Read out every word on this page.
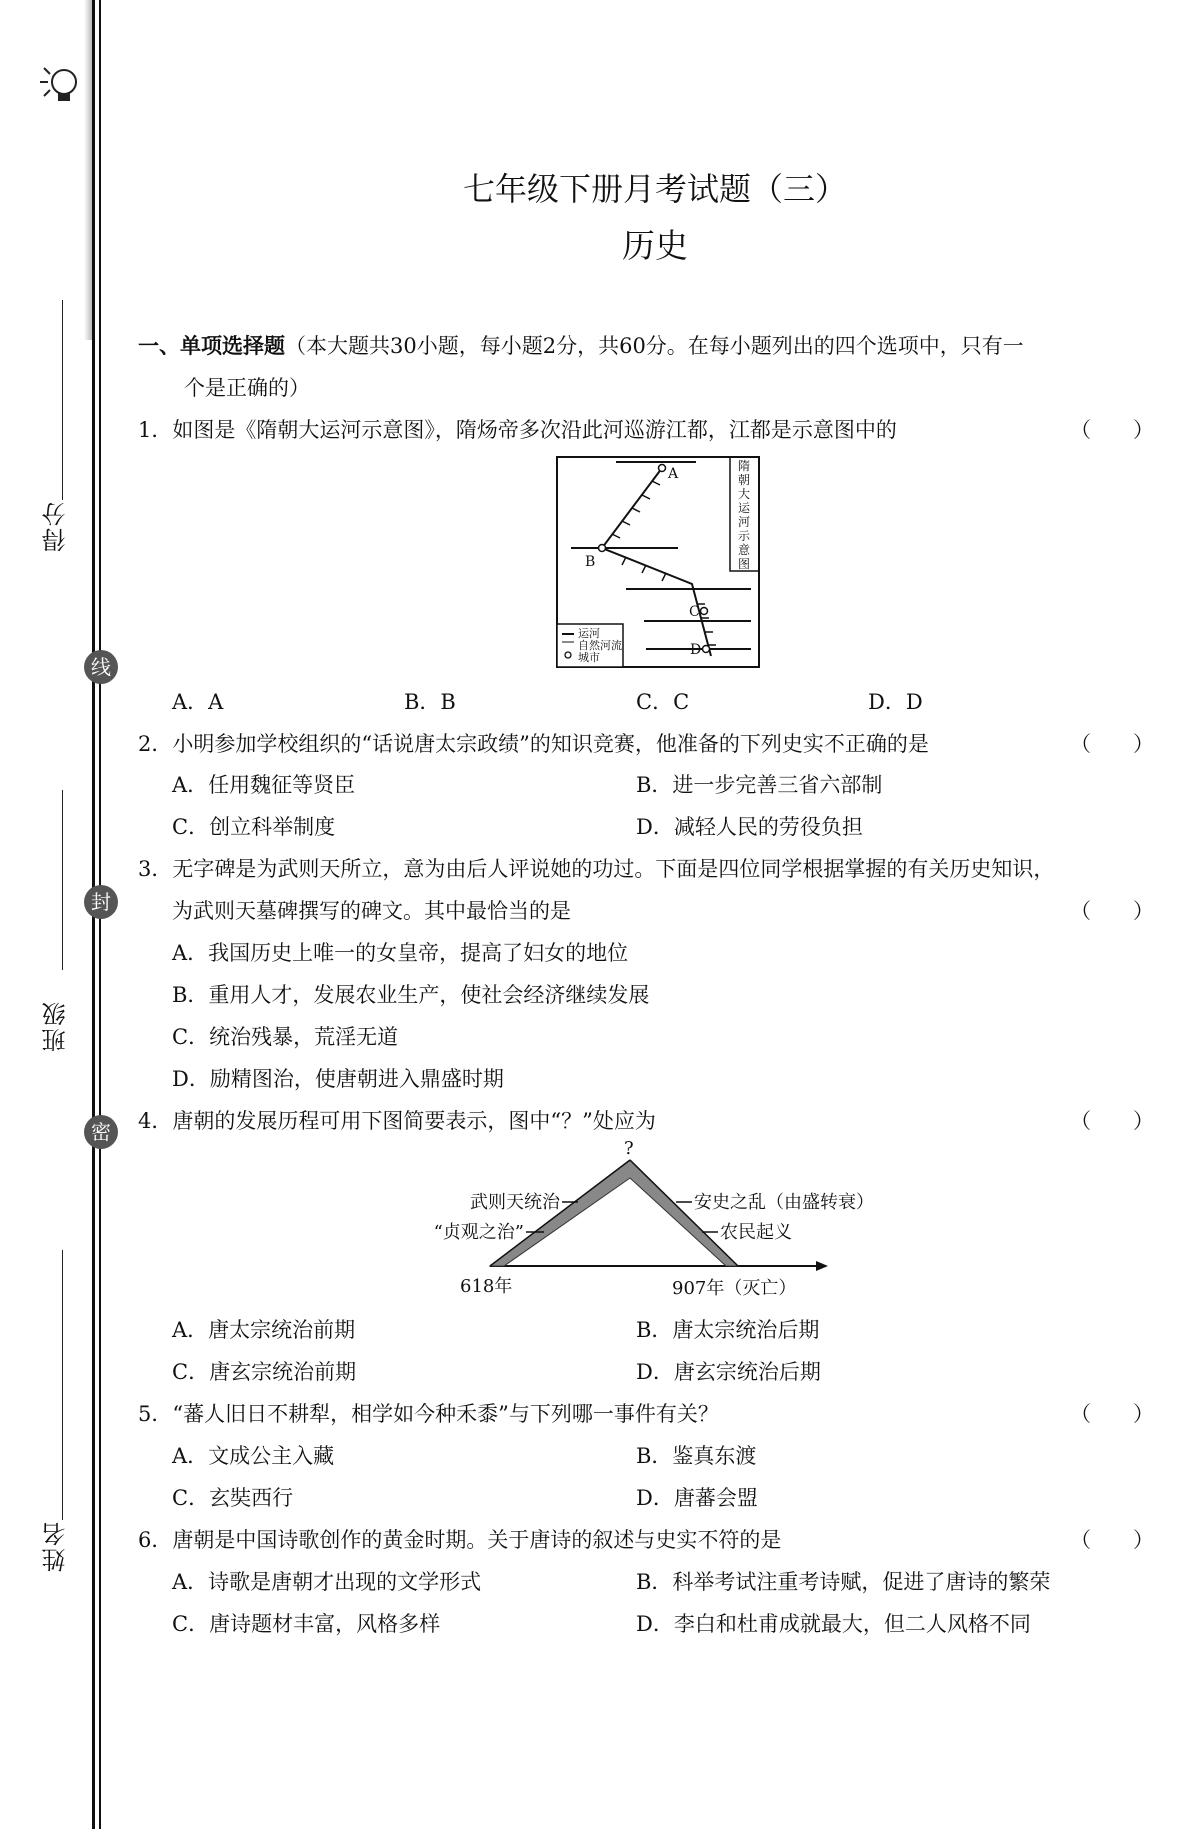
得分
线
封
班级
密
姓名
七年级下册月考试题（三）
历史
一、单项选择题（本大题共30小题，每小题2分，共60分。在每小题列出的四个选项中，只有一
个是正确的）
1．如图是《隋朝大运河示意图》，隋炀帝多次沿此河巡游江都，江都是示意图中的	（　　）
A
B
C
D
运河
自然河流
城市
隋
朝
大
运
河
示
意
图
A．A	B．B	C．C	D．D
2．小明参加学校组织的“话说唐太宗政绩”的知识竞赛，他准备的下列史实不正确的是	（　　）
A．任用魏征等贤臣	B．进一步完善三省六部制
C．创立科举制度	D．减轻人民的劳役负担
3．无字碑是为武则天所立，意为由后人评说她的功过。下面是四位同学根据掌握的有关历史知识，
为武则天墓碑撰写的碑文。其中最恰当的是	（　　）
A．我国历史上唯一的女皇帝，提高了妇女的地位
B．重用人才，发展农业生产，使社会经济继续发展
C．统治残暴，荒淫无道
D．励精图治，使唐朝进入鼎盛时期
4．唐朝的发展历程可用下图简要表示，图中“？”处应为	（　　）
?
武则天统治
“贞观之治”
安史之乱（由盛转衰）
农民起义
618年	907年（灭亡）
A．唐太宗统治前期	B．唐太宗统治后期
C．唐玄宗统治前期	D．唐玄宗统治后期
5．“蕃人旧日不耕犁，相学如今种禾黍”与下列哪一事件有关？	（　　）
A．文成公主入藏	B．鉴真东渡
C．玄奘西行	D．唐蕃会盟
6．唐朝是中国诗歌创作的黄金时期。关于唐诗的叙述与史实不符的是	（　　）
A．诗歌是唐朝才出现的文学形式	B．科举考试注重考诗赋，促进了唐诗的繁荣
C．唐诗题材丰富，风格多样	D．李白和杜甫成就最大，但二人风格不同
